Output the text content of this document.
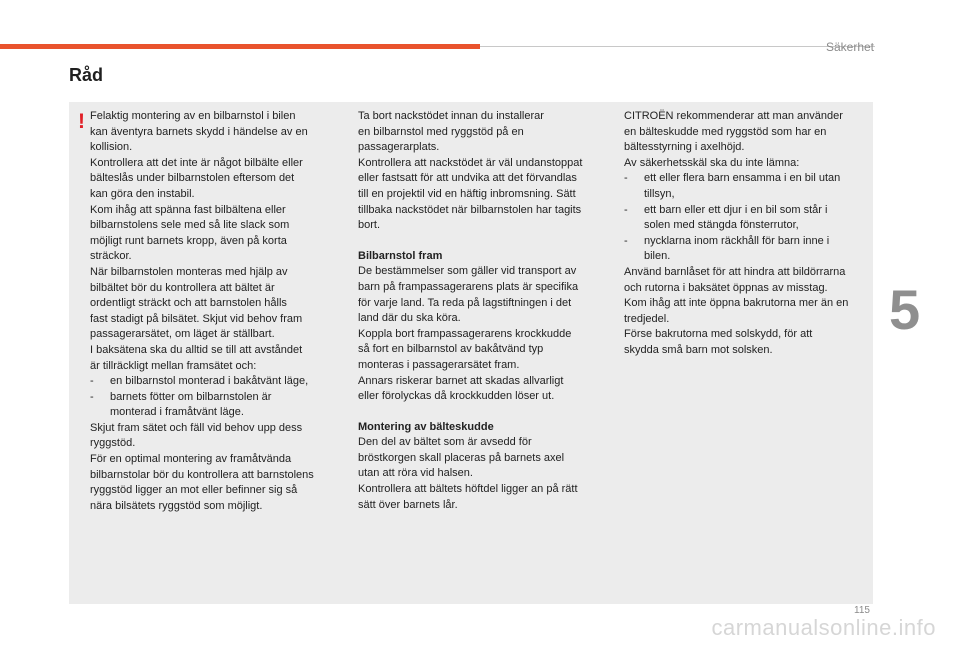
Säkerhet
Råd
! Felaktig montering av en bilbarnstol i bilen

kan äventyra barnets skydd i händelse av en

kollision.

Kontrollera att det inte är något bilbälte eller

bälteslås under bilbarnstolen eftersom det

kan göra den instabil.

Kom ihåg att spänna fast bilbältena eller

bilbarnstolens sele med så lite slack som

möjligt runt barnets kropp, även på korta

sträckor.

När bilbarnstolen monteras med hjälp av

bilbältet bör du kontrollera att bältet är

ordentligt sträckt och att barnstolen hålls

fast stadigt på bilsätet. Skjut vid behov fram

passagerarsätet, om läget är ställbart.

I baksätena ska du alltid se till att avståndet

är tillräckligt mellan framsätet och:

- en bilbarnstol monterad i bakåtvänt läge,

- barnets fötter om bilbarnstolen är
monterad i framåtvänt läge.

Skjut fram sätet och fäll vid behov upp dess

ryggstöd.

För en optimal montering av framåtvända

bilbarnstolar bör du kontrollera att barnstolens

ryggstöd ligger an mot eller befinner sig så

nära bilsätets ryggstöd som möjligt.

Ta bort nackstödet innan du installerar

en bilbarnstol med ryggstöd på en

passagerarplats.

Kontrollera att nackstödet är väl undanstoppat

eller fastsatt för att undvika att det förvandlas

till en projektil vid en häftig inbromsning. Sätt

tillbaka nackstödet när bilbarnstolen har tagits

bort.

Bilbarnstol fram

De bestämmelser som gäller vid transport av

barn på frampassagerarens plats är specifika

för varje land. Ta reda på lagstiftningen i det

land där du ska köra.

Koppla bort frampassagerarens krockkudde

så fort en bilbarnstol av bakåtvänd typ

monteras i passagerarsätet fram.

Annars riskerar barnet att skadas allvarligt

eller förolyckas då krockkudden löser ut.

Montering av bälteskudde

Den del av bältet som är avsedd för

bröstkorgen skall placeras på barnets axel

utan att röra vid halsen.

Kontrollera att bältets höftdel ligger an på rätt

sätt över barnets lår.

CITROËN rekommenderar att man använder

en bälteskudde med ryggstöd som har en

bältesstyrning i axelhöjd.

Av säkerhetsskäl ska du inte lämna:

- ett eller flera barn ensamma i en bil utan
tillsyn,

- ett barn eller ett djur i en bil som står i
solen med stängda fönsterrutor,

- nycklarna inom räckhåll för barn inne i
bilen.

Använd barnlåset för att hindra att bildörrarna

och rutorna i baksätet öppnas av misstag.

Kom ihåg att inte öppna bakrutorna mer än en

tredjedel.

Förse bakrutorna med solskydd, för att

skydda små barn mot solsken.

5
115
carmanualsonline.info
